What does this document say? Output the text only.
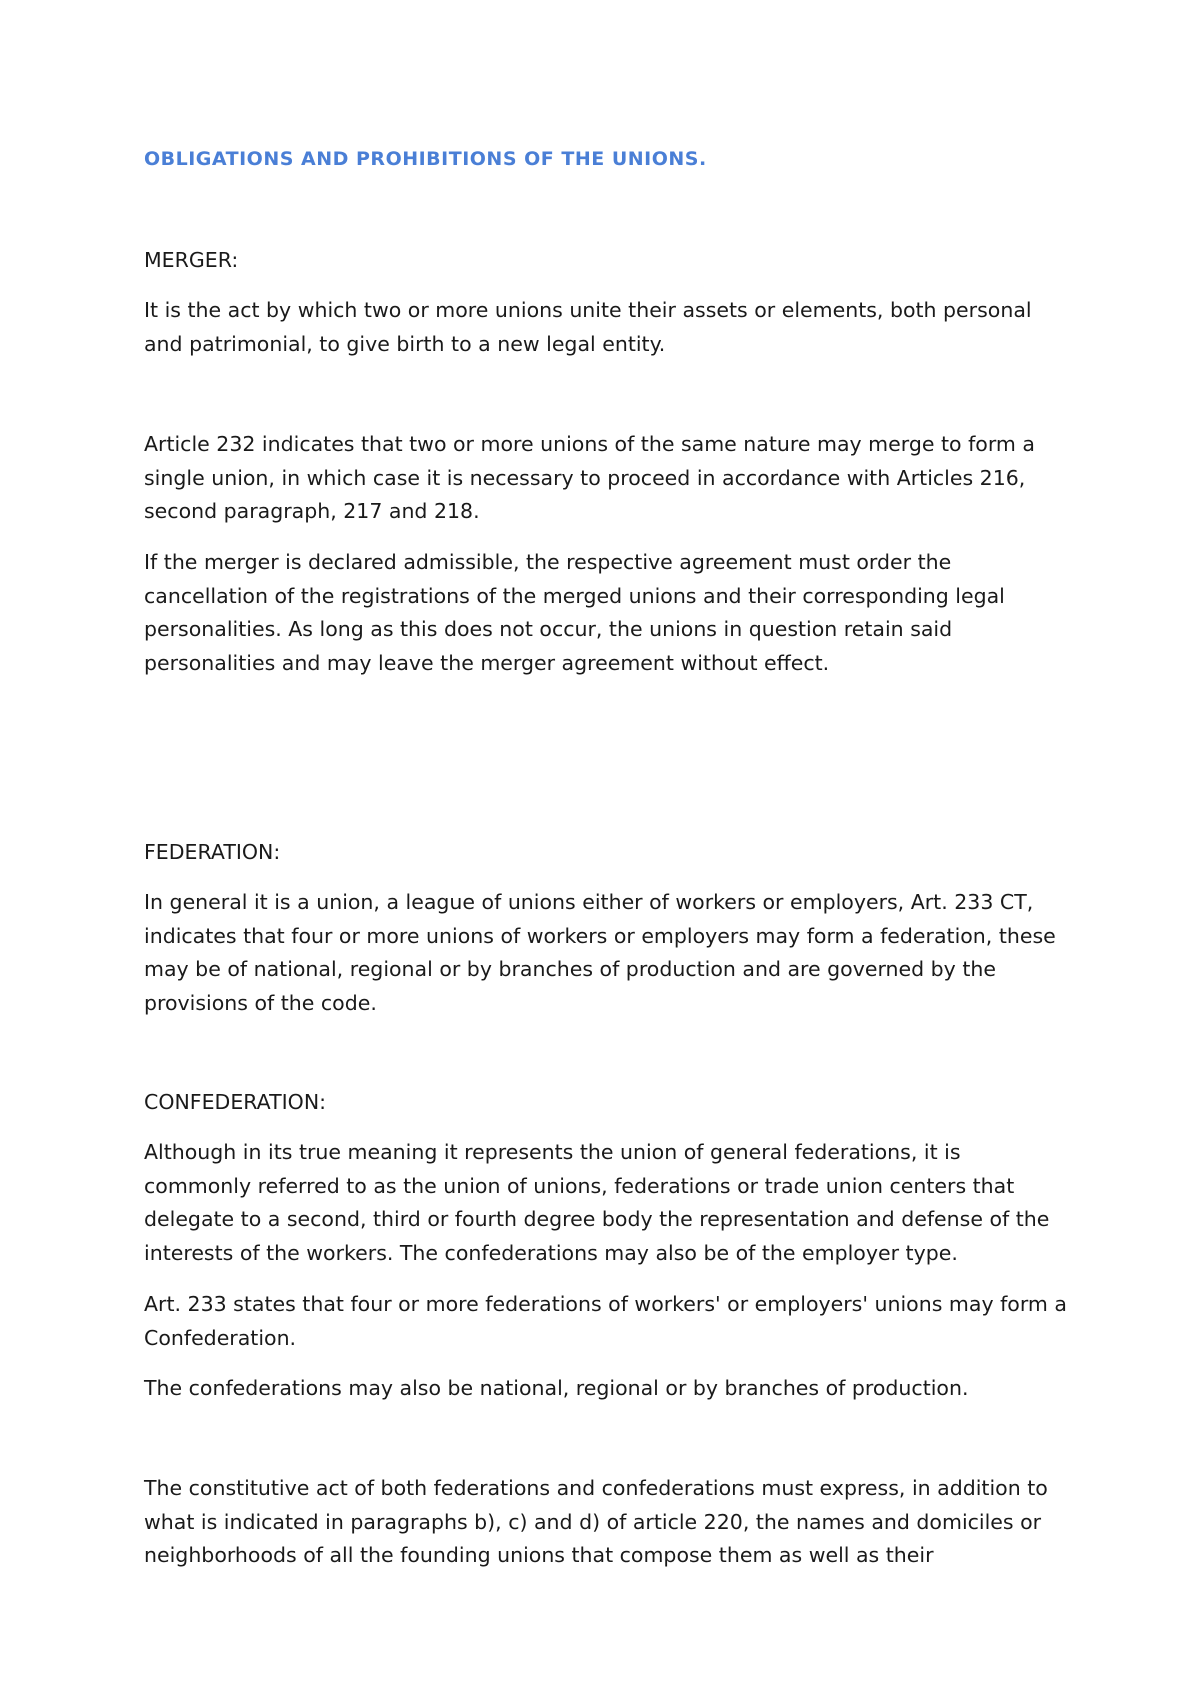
OBLIGATIONS AND PROHIBITIONS OF THE UNIONS.
MERGER:

It is the act by which two or more unions unite their assets or elements, both personal and patrimonial, to give birth to a new legal entity.

Article 232 indicates that two or more unions of the same nature may merge to form a single union, in which case it is necessary to proceed in accordance with Articles 216, second paragraph, 217 and 218.

If the merger is declared admissible, the respective agreement must order the cancellation of the registrations of the merged unions and their corresponding legal personalities. As long as this does not occur, the unions in question retain said personalities and may leave the merger agreement without effect.

FEDERATION:

In general it is a union, a league of unions either of workers or employers, Art. 233 CT, indicates that four or more unions of workers or employers may form a federation, these may be of national, regional or by branches of production and are governed by the provisions of the code.

CONFEDERATION:

Although in its true meaning it represents the union of general federations, it is commonly referred to as the union of unions, federations or trade union centers that delegate to a second, third or fourth degree body the representation and defense of the interests of the workers. The confederations may also be of the employer type.

Art. 233 states that four or more federations of workers' or employers' unions may form a Confederation.

The confederations may also be national, regional or by branches of production.

The constitutive act of both federations and confederations must express, in addition to what is indicated in paragraphs b), c) and d) of article 220, the names and domiciles or neighborhoods of all the founding unions that compose them as well as their
